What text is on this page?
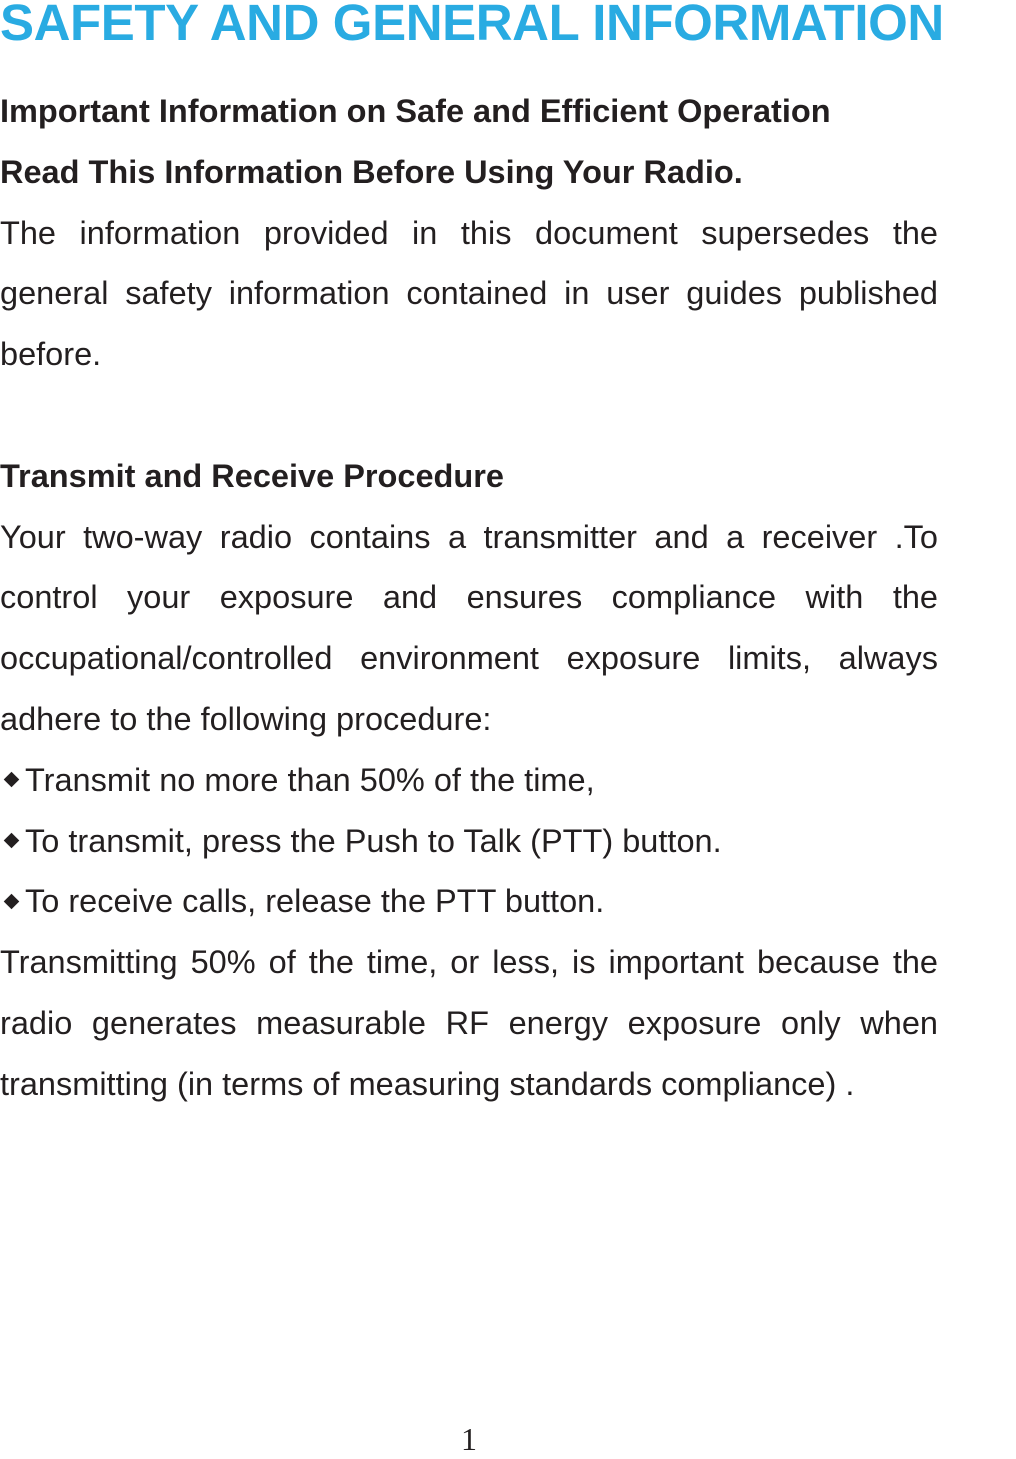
SAFETY AND GENERAL INFORMATION
Important Information on Safe and Efficient Operation
Read This Information Before Using Your Radio.

The information provided in this document supersedes the general safety information contained in user guides published before.

Transmit and Receive Procedure

Your two-way radio contains a transmitter and a receiver .To control your exposure and ensures compliance with the occupational/controlled environment exposure limits, always adhere to the following procedure:

Transmit no more than 50% of the time,
To transmit, press the Push to Talk (PTT) button.
To receive calls, release the PTT button.

Transmitting 50% of the time, or less, is important because the radio generates measurable RF energy exposure only when transmitting (in terms of measuring standards compliance) .

1
